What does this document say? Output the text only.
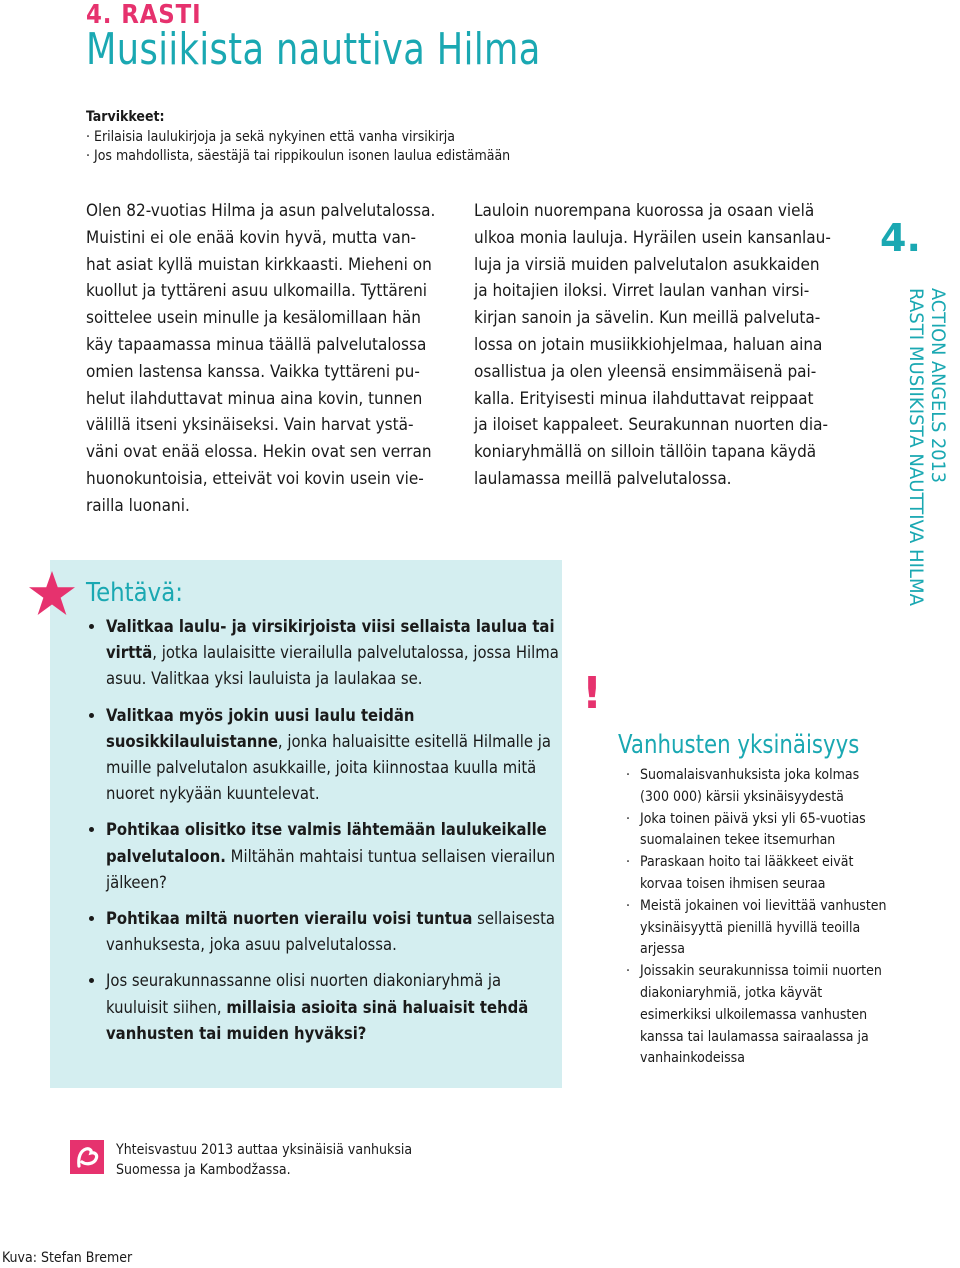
4. RASTI
Musiikista nauttiva Hilma
Tarvikkeet:
· Erilaisia laulukirjoja ja sekä nykyinen että vanha virsikirja
· Jos mahdollista, säestäjä tai rippikoulun isonen laulua edistämään
Olen 82-vuotias Hilma ja asun palvelutalossa.
Muistini ei ole enää kovin hyvä, mutta van-
hat asiat kyllä muistan kirkkaasti. Mieheni on
kuollut ja tyttäreni asuu ulkomailla. Tyttäreni
soittelee usein minulle ja kesälomillaan hän
käy tapaamassa minua täällä palvelutalossa
omien lastensa kanssa. Vaikka tyttäreni pu-
helut ilahduttavat minua aina kovin, tunnen
välillä itseni yksinäiseksi. Vain harvat ystä-
väni ovat enää elossa. Hekin ovat sen verran
huonokuntoisia, etteivät voi kovin usein vie-
railla luonani.
Lauloin nuorempana kuorossa ja osaan vielä
ulkoa monia lauluja. Hyräilen usein kansanlau-
luja ja virsiä muiden palvelutalon asukkaiden
ja hoitajien iloksi. Virret laulan vanhan virsi-
kirjan sanoin ja sävelin. Kun meillä palveluta-
lossa on jotain musiikkiohjelmaa, haluan aina
osallistua ja olen yleensä ensimmäisenä pai-
kalla. Erityisesti minua ilahduttavat reippaat
ja iloiset kappaleet. Seurakunnan nuorten dia-
koniaryhmällä on silloin tällöin tapana käydä
laulamassa meillä palvelutalossa.
Tehtävä:
• Valitkaa laulu- ja virsikirjoista viisi sellaista laulua tai virttä, jotka laulaisitte vierailulla palvelutalossa, jossa Hilma asuu. Valitkaa yksi lauluista ja laulakaa se.
• Valitkaa myös jokin uusi laulu teidän suosikkilauluistanne, jonka haluaisitte esitellä Hilmalle ja muille palvelutalon asukkaille, joita kiinnostaa kuulla mitä nuoret nykyään kuuntelevat.
• Pohtikaa olisitko itse valmis lähtemään laulukeikalle palvelutaloon. Miltähän mahtaisi tuntua sellaisen vierailun jälkeen?
• Pohtikaa miltä nuorten vierailu voisi tuntua sellaisesta vanhuksesta, joka asuu palvelutalossa.
• Jos seurakunnassanne olisi nuorten diakoniaryhmä ja kuuluisit siihen, millaisia asioita sinä haluaisit tehdä vanhusten tai muiden hyväksi?
!
Vanhusten yksinäisyys
· Suomalaisvanhuksista joka kolmas (300 000) kärsii yksinäisyydestä
· Joka toinen päivä yksi yli 65-vuotias suomalainen tekee itsemurhan
· Paraskaan hoito tai lääkkeet eivät korvaa toisen ihmisen seuraa
· Meistä jokainen voi lievittää vanhusten yksinäisyyttä pienillä hyvillä teoilla arjessa
· Joissakin seurakunnissa toimii nuorten diakoniaryhmiä, jotka käyvät esimerkiksi ulkoilemassa vanhusten kanssa tai laulamassa sairaalassa ja vanhainkodeissa
4.
ACTION ANGELS 2013
RASTI MUSIIKISTA NAUTTIVA HILMA
Yhteisvastuu 2013 auttaa yksinäisiä vanhuksia
Suomessa ja Kambodžassa.
Kuva: Stefan Bremer
